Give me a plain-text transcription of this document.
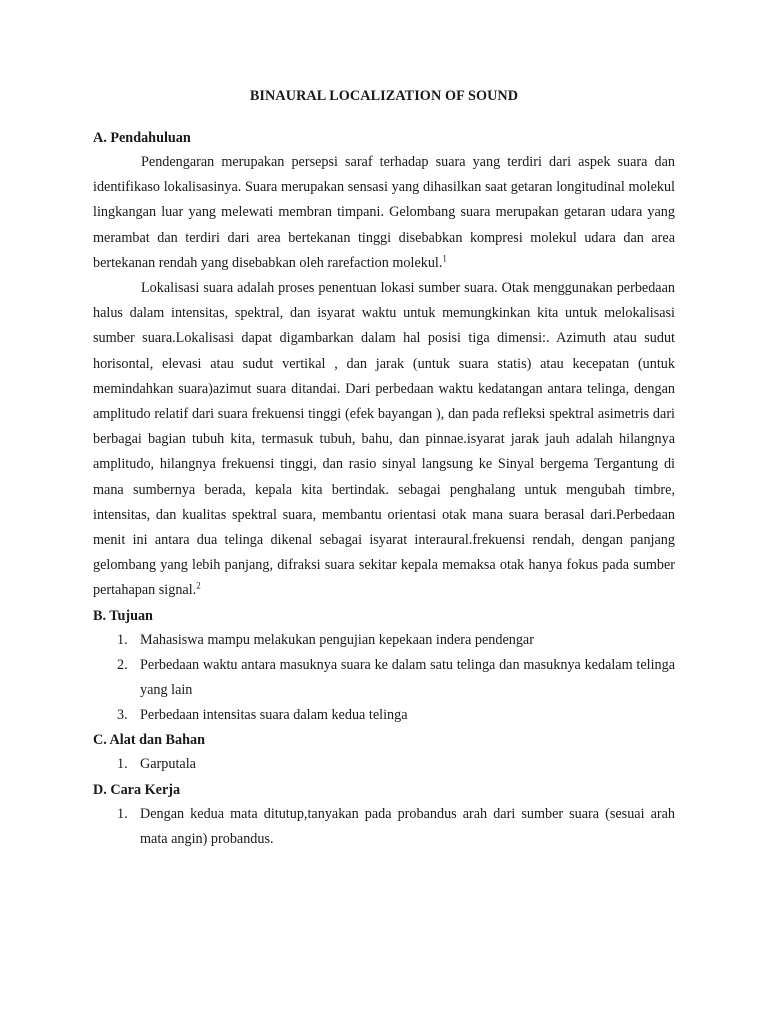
BINAURAL LOCALIZATION OF SOUND
A. Pendahuluan

Pendengaran merupakan persepsi saraf terhadap suara yang terdiri dari aspek suara dan identifikaso lokalisasinya. Suara merupakan sensasi yang dihasilkan saat getaran longitudinal molekul lingkangan luar yang melewati membran timpani. Gelombang suara merupakan getaran udara yang merambat dan terdiri dari area bertekanan tinggi disebabkan kompresi molekul udara dan area bertekanan rendah yang disebabkan oleh rarefaction molekul.$^1$

Lokalisasi suara adalah proses penentuan lokasi sumber suara. Otak menggunakan perbedaan halus dalam intensitas, spektral, dan isyarat waktu untuk memungkinkan kita untuk melokalisasi sumber suara.Lokalisasi dapat digambarkan dalam hal posisi tiga dimensi:. Azimuth atau sudut horisontal, elevasi atau sudut vertikal , dan jarak (untuk suara statis) atau kecepatan (untuk memindahkan suara)azimut suara ditandai. Dari perbedaan waktu kedatangan antara telinga, dengan amplitudo relatif dari suara frekuensi tinggi (efek bayangan ), dan pada refleksi spektral asimetris dari berbagai bagian tubuh kita, termasuk tubuh, bahu, dan pinnae.isyarat jarak jauh adalah hilangnya amplitudo, hilangnya frekuensi tinggi, dan rasio sinyal langsung ke Sinyal bergema Tergantung di mana sumbernya berada, kepala kita bertindak. sebagai penghalang untuk mengubah timbre, intensitas, dan kualitas spektral suara, membantu orientasi otak mana suara berasal dari.Perbedaan menit ini antara dua telinga dikenal sebagai isyarat interaural.frekuensi rendah, dengan panjang gelombang yang lebih panjang, difraksi suara sekitar kepala memaksa otak hanya fokus pada sumber pertahapan signal.$^2$

B. Tujuan
1. Mahasiswa mampu melakukan pengujian kepekaan indera pendengar
2. Perbedaan waktu antara masuknya suara ke dalam satu telinga dan masuknya kedalam telinga yang lain
3. Perbedaan intensitas suara dalam kedua telinga
C. Alat dan Bahan
1. Garputala
D. Cara Kerja
1. Dengan kedua mata ditutup,tanyakan pada probandus arah dari sumber suara (sesuai arah mata angin) probandus.
